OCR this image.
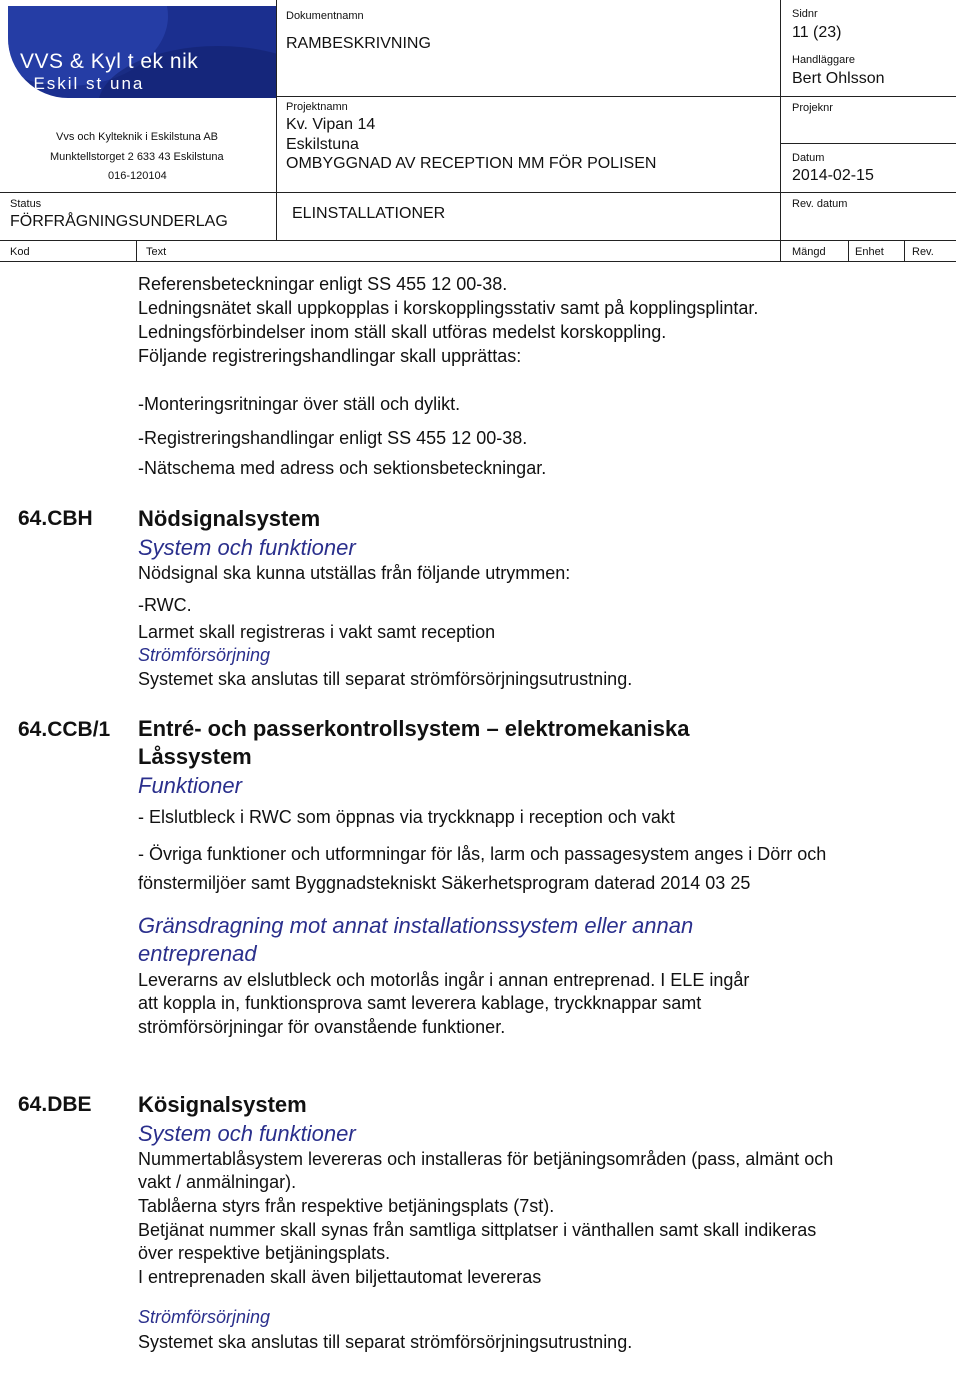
VVS & Kyl t ek nik
I Eskil st una
Vvs och Kylteknik i Eskilstuna AB
Munktellstorget 2 633 43 Eskilstuna
016-120104
Status
FÖRFRÅGNINGSUNDERLAG
Dokumentnamn
RAMBESKRIVNING
Projektnamn
Kv. Vipan 14
Eskilstuna
OMBYGGNAD AV RECEPTION MM FÖR POLISEN
ELINSTALLATIONER
Sidnr
11 (23)
Handläggare
Bert Ohlsson
Projeknr
Datum
2014-02-15
Rev. datum
Kod	Text	Mängd	Enhet	Rev.
Referensbeteckningar enligt SS 455 12 00-38.
Ledningsnätet skall uppkopplas i korskopplingsstativ samt på kopplingsplintar.
Ledningsförbindelser inom ställ skall utföras medelst korskoppling.
Följande registreringshandlingar skall upprättas:
-Monteringsritningar över ställ och dylikt.
-Registreringshandlingar enligt SS 455 12 00-38.
-Nätschema med adress och sektionsbeteckningar.
64.CBH Nödsignalsystem
System och funktioner
Nödsignal ska kunna utställas från följande utrymmen:
-RWC.
Larmet skall registreras i vakt samt reception
Strömförsörjning
Systemet ska anslutas till separat strömförsörjningsutrustning.
64.CCB/1 Entré- och passerkontrollsystem – elektromekaniska
Låssystem
Funktioner
- Elslutbleck i RWC som öppnas via tryckknapp i reception och vakt
- Övriga funktioner och utformningar för lås, larm och passagesystem anges i Dörr och
fönstermiljöer samt Byggnadstekniskt Säkerhetsprogram daterad 2014 03 25
Gränsdragning mot annat installationssystem eller annan
entreprenad
Leverarns av elslutbleck och motorlås ingår i annan entreprenad. I ELE ingår
att koppla in, funktionsprova samt leverera kablage, tryckknappar samt
strömförsörjningar för ovanstående funktioner.
64.DBE Kösignalsystem
System och funktioner
Nummertablåsystem levereras och installeras för betjäningsområden (pass, almänt och
vakt / anmälningar).
Tablåerna styrs från respektive betjäningsplats (7st).
Betjänat nummer skall synas från samtliga sittplatser i vänthallen samt skall indikeras
över respektive betjäningsplats.
I entreprenaden skall även biljettautomat levereras
Strömförsörjning
Systemet ska anslutas till separat strömförsörjningsutrustning.
